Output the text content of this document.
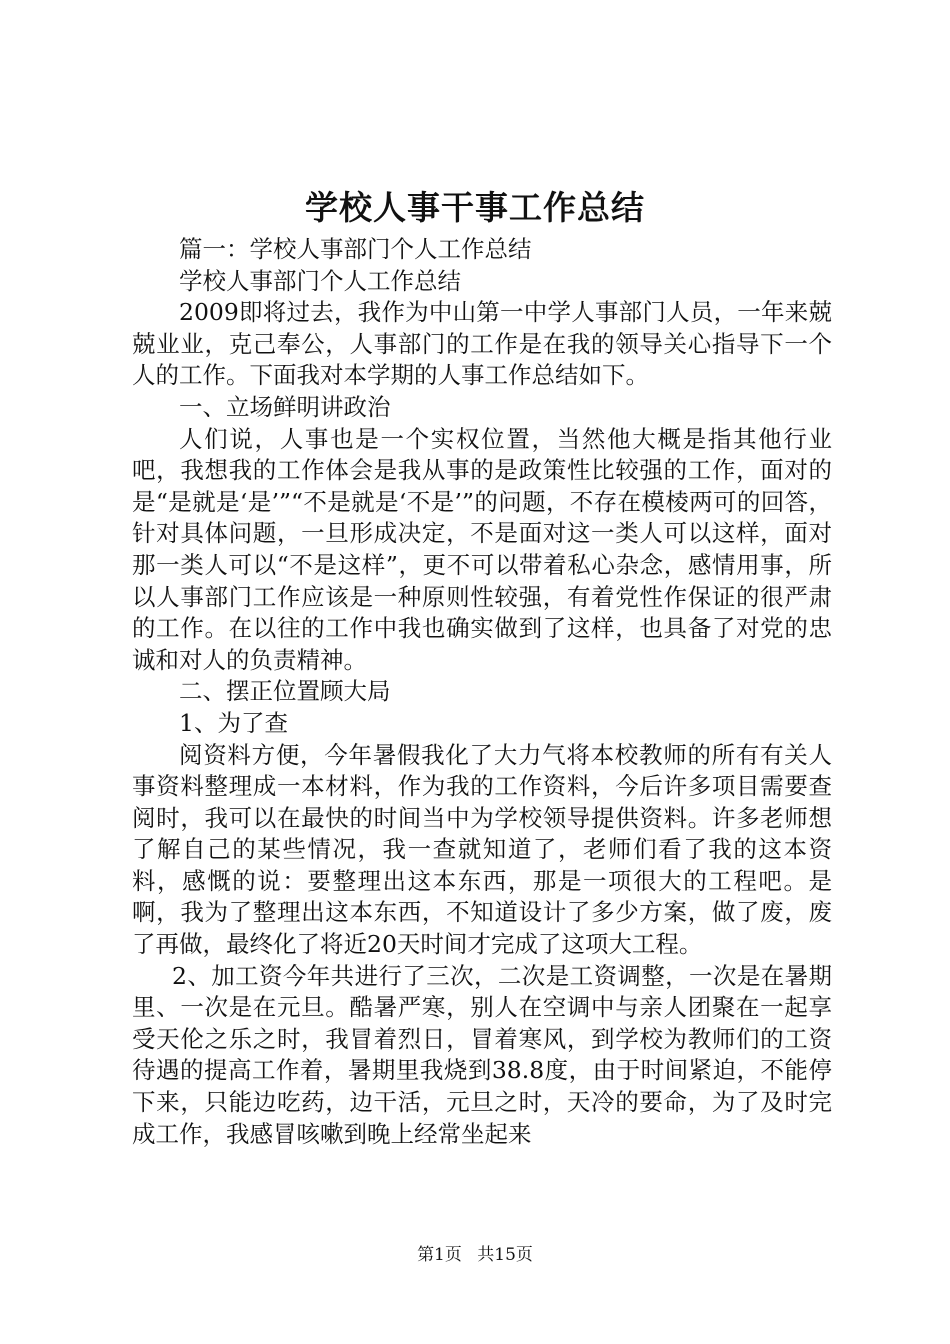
学校人事干事工作总结

篇一：学校人事部门个人工作总结

学校人事部门个人工作总结

2009即将过去，我作为中山第一中学人事部门人员，一年来兢兢业业，克己奉公，人事部门的工作是在我的领导关心指导下一个人的工作。下面我对本学期的人事工作总结如下。

一、立场鲜明讲政治

人们说，人事也是一个实权位置，当然他大概是指其他行业吧，我想我的工作体会是我从事的是政策性比较强的工作，面对的是“是就是‘是’”“不是就是‘不是’”的问题，不存在模棱两可的回答，针对具体问题，一旦形成决定，不是面对这一类人可以这样，面对那一类人可以“不是这样”，更不可以带着私心杂念，感情用事，所以人事部门工作应该是一种原则性较强，有着党性作保证的很严肃的工作。在以往的工作中我也确实做到了这样，也具备了对党的忠诚和对人的负责精神。

二、摆正位置顾大局

1、为了查

阅资料方便，今年暑假我化了大力气将本校教师的所有有关人事资料整理成一本材料，作为我的工作资料，今后许多项目需要查阅时，我可以在最快的时间当中为学校领导提供资料。许多老师想了解自己的某些情况，我一查就知道了，老师们看了我的这本资料，感慨的说：要整理出这本东西，那是一项很大的工程吧。是啊，我为了整理出这本东西，不知道设计了多少方案，做了废，废了再做，最终化了将近20天时间才完成了这项大工程。

2、加工资今年共进行了三次，二次是工资调整，一次是在暑期里、一次是在元旦。酷暑严寒，别人在空调中与亲人团聚在一起享受天伦之乐之时，我冒着烈日，冒着寒风，到学校为教师们的工资待遇的提高工作着，暑期里我烧到38.8度，由于时间紧迫，不能停下来，只能边吃药，边干活，元旦之时，天冷的要命，为了及时完成工作，我感冒咳嗽到晚上经常坐起来

第1页 共15页
